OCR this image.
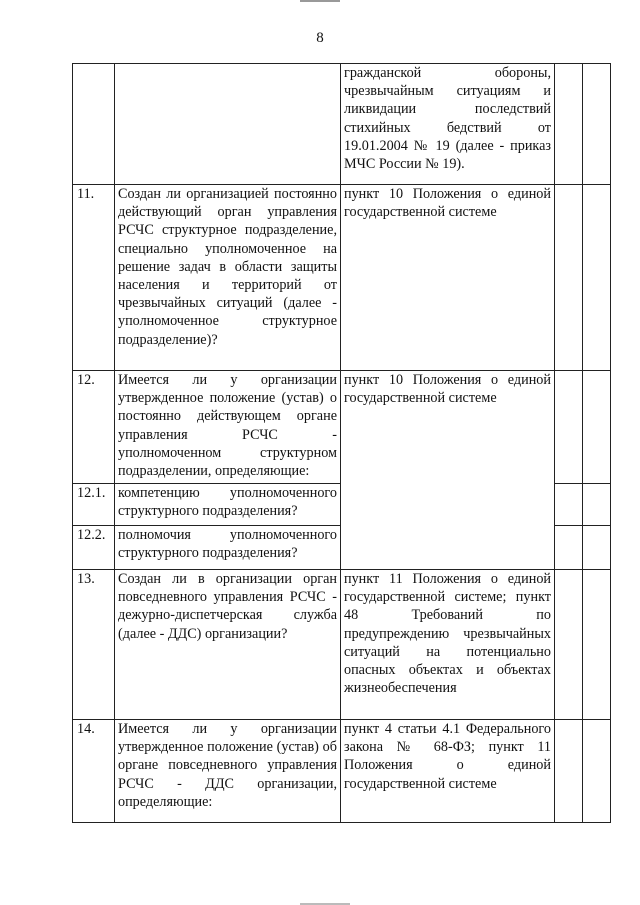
8
		гражданской обороны, чрезвычайным ситуациям и ликвидации последствий стихийных бедствий от 19.01.2004 № 19 (далее - приказ МЧС России № 19).		
11.	Создан ли организацией постоянно действующий орган управления РСЧС структурное подразделение, специально уполномоченное на решение задач в области защиты населения и территорий от чрезвычайных ситуаций (далее - уполномоченное структурное подразделение)?	пункт 10 Положения о единой государственной системе		
12.	Имеется ли у организации утвержденное положение (устав) о постоянно действующем органе управления РСЧС - уполномоченном структурном подразделении, определяющие:	пункт 10 Положения о единой государственной системе		
12.1.	компетенцию уполномоченного структурного подразделения?			
12.2.	полномочия уполномоченного структурного подразделения?			
13.	Создан ли в организации орган повседневного управления РСЧС - дежурно-диспетчерская служба (далее - ДДС) организации?	пункт 11 Положения о единой государственной системе; пункт 48 Требований по предупреждению чрезвычайных ситуаций на потенциально опасных объектах и объектах жизнеобеспечения		
14.	Имеется ли у организации утвержденное положение (устав) об органе повседневного управления РСЧС - ДДС организации, определяющие:	пункт 4 статьи 4.1 Федерального закона № 68-ФЗ; пункт 11 Положения о единой государственной системе		
